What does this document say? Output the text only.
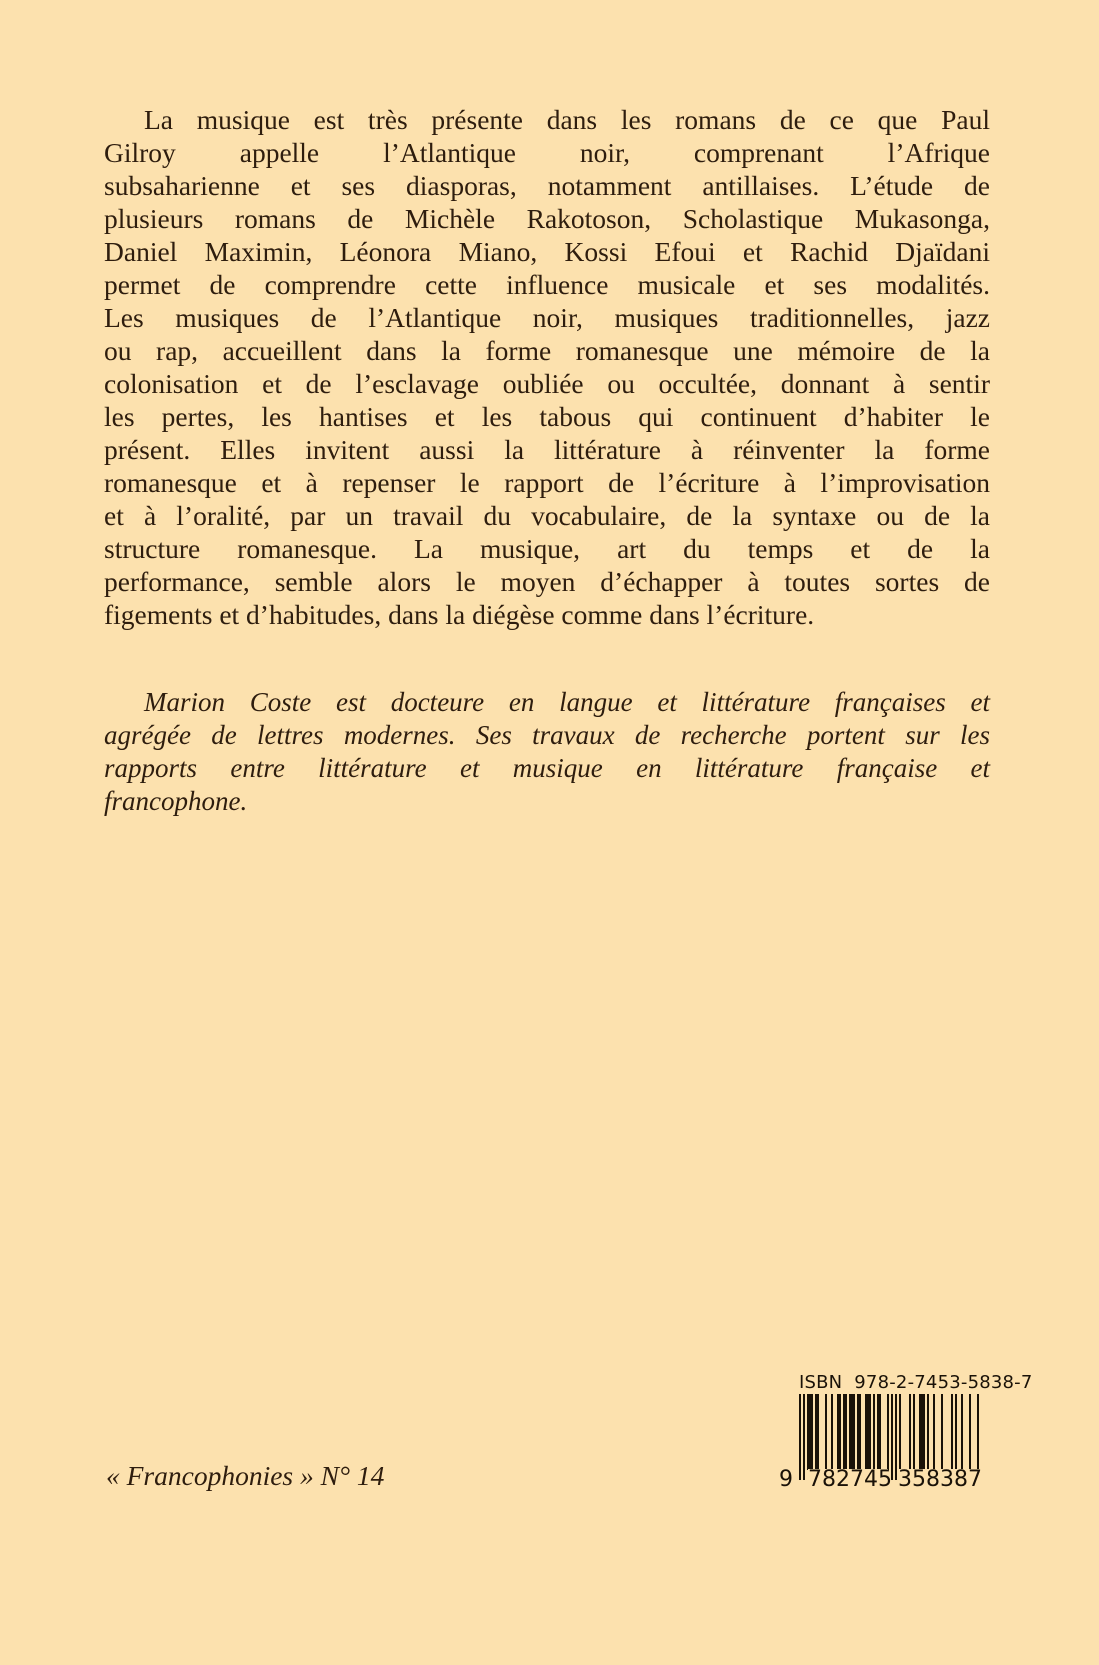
La musique est très présente dans les romans de ce que Paul
Gilroy appelle l’Atlantique noir, comprenant l’Afrique
subsaharienne et ses diasporas, notamment antillaises. L’étude de
plusieurs romans de Michèle Rakotoson, Scholastique Mukasonga,
Daniel Maximin, Léonora Miano, Kossi Efoui et Rachid Djaïdani
permet de comprendre cette influence musicale et ses modalités.
Les musiques de l’Atlantique noir, musiques traditionnelles, jazz
ou rap, accueillent dans la forme romanesque une mémoire de la
colonisation et de l’esclavage oubliée ou occultée, donnant à sentir
les pertes, les hantises et les tabous qui continuent d’habiter le
présent. Elles invitent aussi la littérature à réinventer la forme
romanesque et à repenser le rapport de l’écriture à l’improvisation
et à l’oralité, par un travail du vocabulaire, de la syntaxe ou de la
structure romanesque. La musique, art du temps et de la
performance, semble alors le moyen d’échapper à toutes sortes de
figements et d’habitudes, dans la diégèse comme dans l’écriture.
Marion Coste est docteure en langue et littérature françaises et
agrégée de lettres modernes. Ses travaux de recherche portent sur les
rapports entre littérature et musique en littérature française et
francophone.
« Francophonies » N° 14
ISBN 978-2-7453-5838-7
9 7 8 2 7 4 5 3 5 8 3 8 7
